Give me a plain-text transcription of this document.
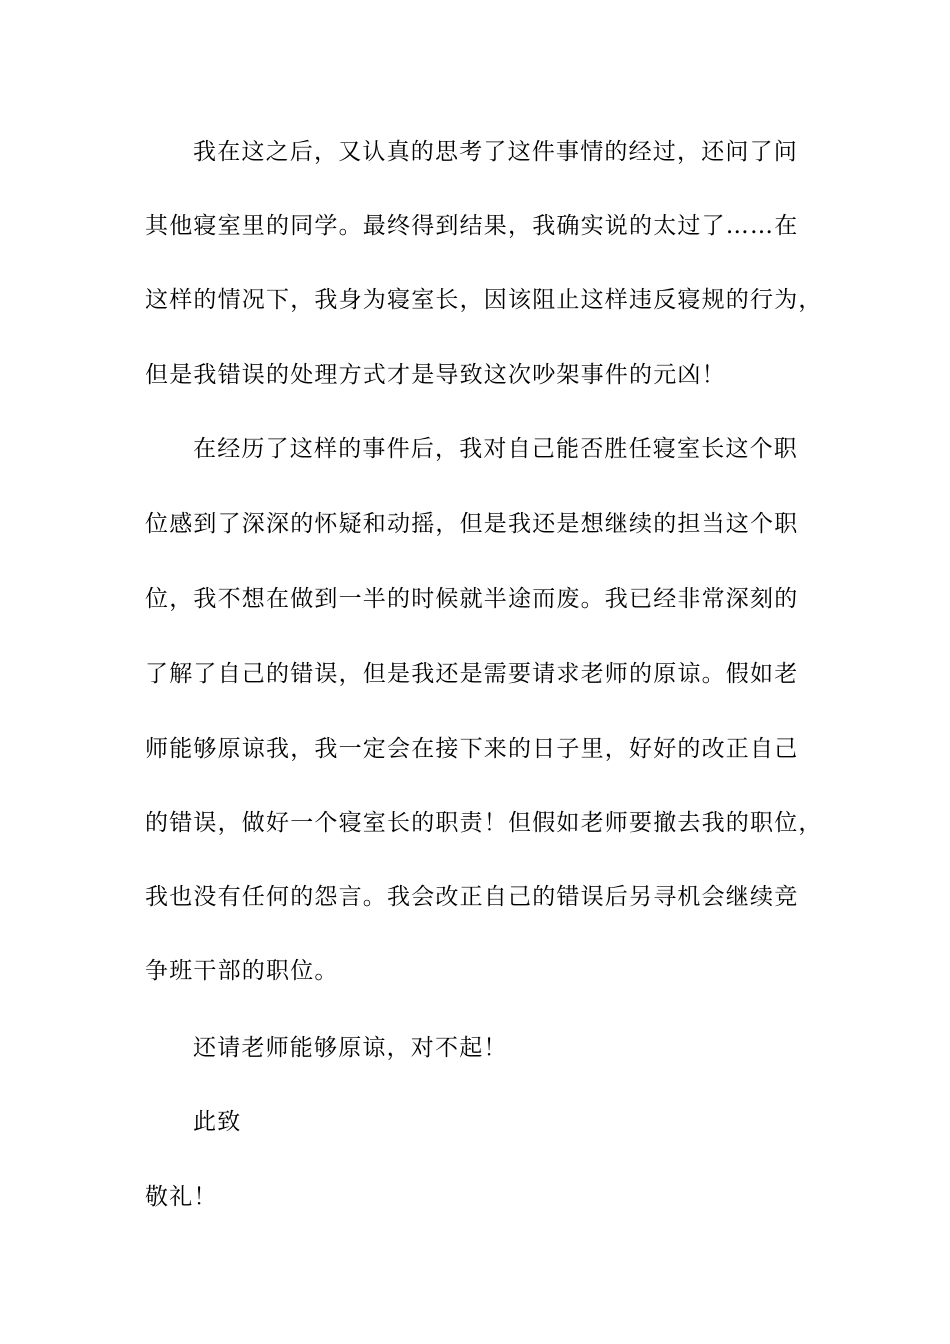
我在这之后，又认真的思考了这件事情的经过，还问了问
其他寝室里的同学。最终得到结果，我确实说的太过了……在
这样的情况下，我身为寝室长，因该阻止这样违反寝规的行为，
但是我错误的处理方式才是导致这次吵架事件的元凶！
在经历了这样的事件后，我对自己能否胜任寝室长这个职
位感到了深深的怀疑和动摇，但是我还是想继续的担当这个职
位，我不想在做到一半的时候就半途而废。我已经非常深刻的
了解了自己的错误，但是我还是需要请求老师的原谅。假如老
师能够原谅我，我一定会在接下来的日子里，好好的改正自己
的错误，做好一个寝室长的职责！但假如老师要撤去我的职位，
我也没有任何的怨言。我会改正自己的错误后另寻机会继续竞
争班干部的职位。
还请老师能够原谅，对不起！
此致
敬礼！
